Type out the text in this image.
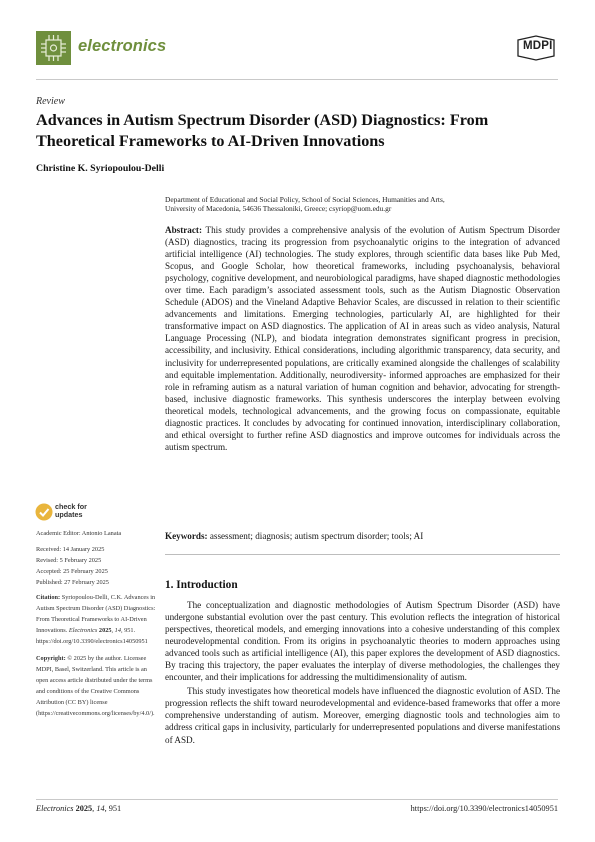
electronics	MDPI
Review
Advances in Autism Spectrum Disorder (ASD) Diagnostics: From Theoretical Frameworks to AI-Driven Innovations
Christine K. Syriopoulou-Delli
Department of Educational and Social Policy, School of Social Sciences, Humanities and Arts,
University of Macedonia, 54636 Thessaloniki, Greece; csyriop@uom.edu.gr
Abstract: This study provides a comprehensive analysis of the evolution of Autism Spectrum Disorder (ASD) diagnostics, tracing its progression from psychoanalytic origins to the integration of advanced artificial intelligence (AI) technologies. The study explores, through scientific data bases like Pub Med, Scopus, and Google Scholar, how theoretical frameworks, including psychoanalysis, behavioral psychology, cognitive development, and neurobiological paradigms, have shaped diagnostic methodologies over time. Each paradigm’s associated assessment tools, such as the Autism Diagnostic Observation Schedule (ADOS) and the Vineland Adaptive Behavior Scales, are discussed in relation to their scientific advancements and limitations. Emerging technologies, particularly AI, are highlighted for their transformative impact on ASD diagnostics. The application of AI in areas such as video analysis, Natural Language Processing (NLP), and biodata integration demonstrates significant progress in precision, accessibility, and inclusivity. Ethical considerations, including algorithmic transparency, data security, and inclusivity for underrepresented populations, are critically examined alongside the challenges of scalability and equitable implementation. Additionally, neurodiversity- informed approaches are emphasized for their role in reframing autism as a natural variation of human cognition and behavior, advocating for strength-based, inclusive diagnostic frameworks. This synthesis underscores the interplay between evolving theoretical models, technological advancements, and the growing focus on compassionate, equitable diagnostic practices. It concludes by advocating for continued innovation, interdisciplinary collaboration, and ethical oversight to further refine ASD diagnostics and improve outcomes for individuals across the autism spectrum.
Keywords: assessment; diagnosis; autism spectrum disorder; tools; AI
1. Introduction

The conceptualization and diagnostic methodologies of Autism Spectrum Disorder (ASD) have undergone substantial evolution over the past century. This evolution reflects the integration of historical perspectives, theoretical models, and emerging innovations into a cohesive understanding of this complex neurodevelopmental condition. From its origins in psychoanalytic theories to modern approaches using advanced tools such as artificial intelligence (AI), this paper explores the development of ASD diagnostics. By tracing this trajectory, the paper evaluates the interplay of diverse methodologies, the challenges they encounter, and their implications for addressing the multidimensionality of autism.

This study investigates how theoretical models have influenced the diagnostic evolution of ASD. The progression reflects the shift toward neurodevelopmental and evidence-based frameworks that offer a more comprehensive understanding of autism. Moreover, emerging diagnostic tools and technologies aim to address critical gaps in inclusivity, particularly for underrepresented populations and diverse manifestations of ASD.

check for
updates
Academic Editor: Antonio Lanata
Received: 14 January 2025
Revised: 5 February 2025
Accepted: 25 February 2025
Published: 27 February 2025
Citation: Syriopoulou-Delli, C.K. Advances in Autism Spectrum Disorder (ASD) Diagnostics: From Theoretical Frameworks to AI-Driven Innovations. Electronics 2025, 14, 951. https://doi.org/10.3390/electronics14050951
Copyright: © 2025 by the author. Licensee MDPI, Basel, Switzerland. This article is an open access article distributed under the terms and conditions of the Creative Commons Attribution (CC BY) license (https://creativecommons.org/licenses/by/4.0/).
Electronics 2025, 14, 951	https://doi.org/10.3390/electronics14050951
